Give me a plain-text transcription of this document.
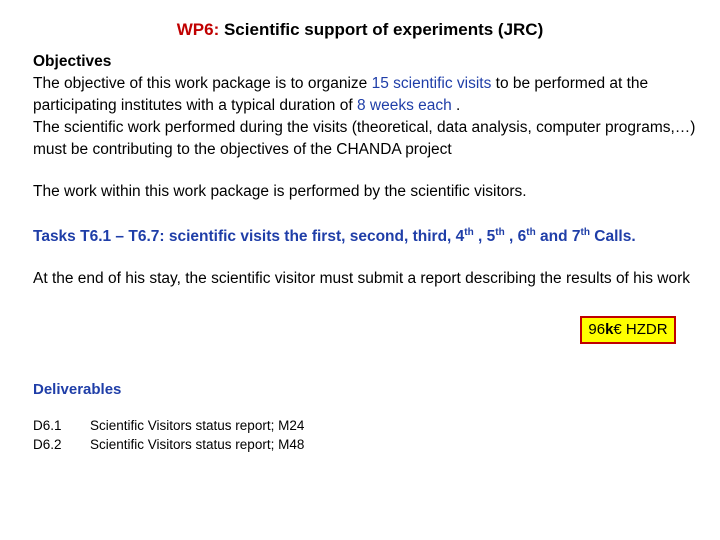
WP6: Scientific support of experiments (JRC)
Objectives
The objective of this work package is to organize 15 scientific visits to be performed at the participating institutes with a typical duration of 8 weeks each .
The scientific work performed during the visits (theoretical, data analysis, computer programs,…) must be contributing to the objectives of the CHANDA project
The work within this work package is performed by the scientific visitors.
Tasks T6.1 – T6.7: scientific visits the first, second, third, 4th , 5th , 6th and 7th Calls.
At the end of his stay, the scientific visitor must submit a report describing the results of his work
96k€ HZDR
Deliverables
D6.1	Scientific Visitors status report; M24
D6.2	Scientific Visitors status report; M48
